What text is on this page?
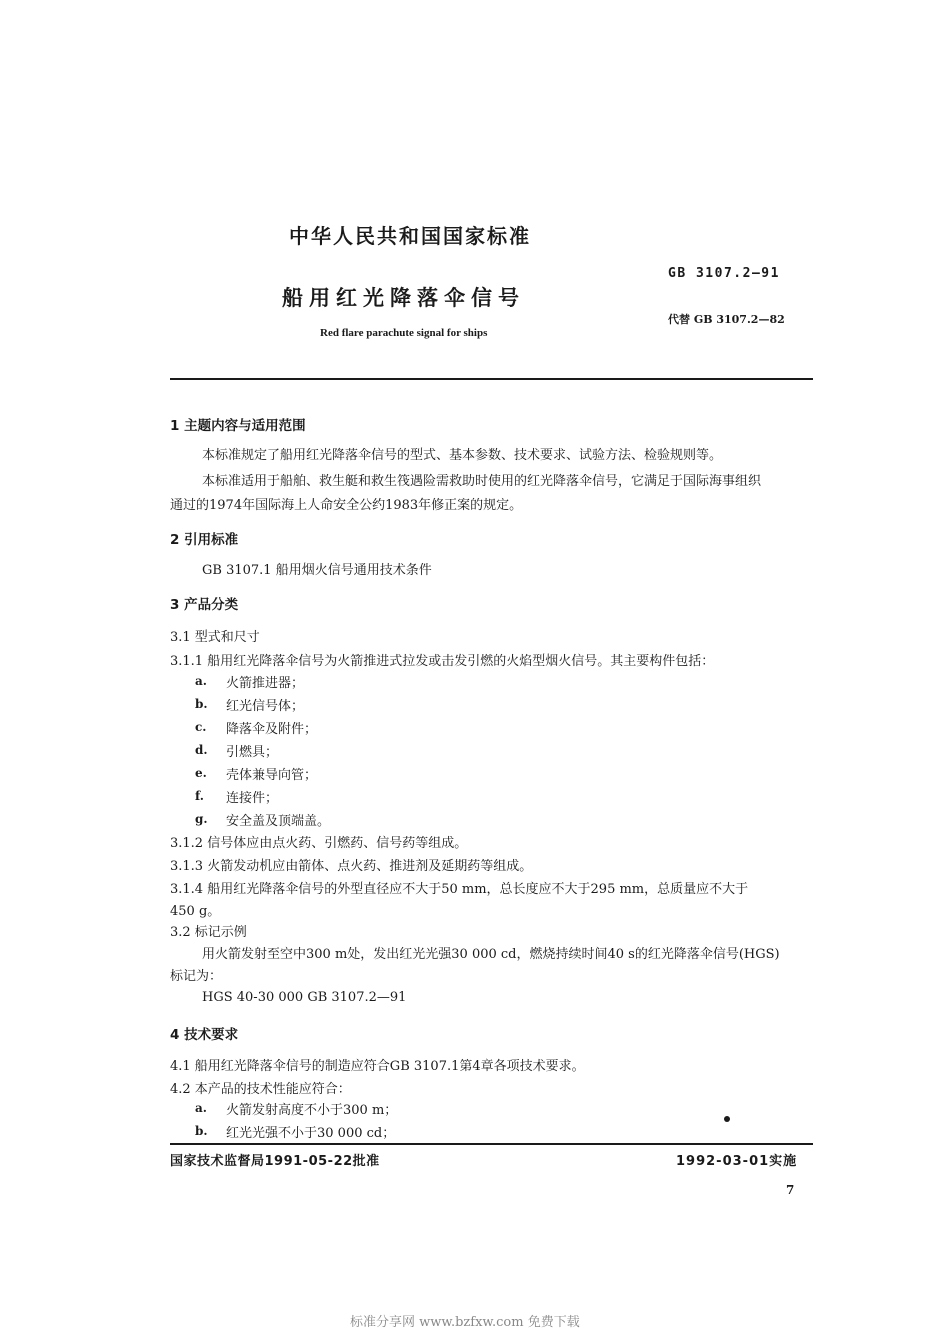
中华人民共和国国家标准
GB 3107.2—91
船用红光降落伞信号
代替 GB 3107.2—82
Red flare parachute signal for ships
1 主题内容与适用范围
本标准规定了船用红光降落伞信号的型式、基本参数、技术要求、试验方法、检验规则等。
本标准适用于船舶、救生艇和救生筏遇险需救助时使用的红光降落伞信号，它满足于国际海事组织
通过的1974年国际海上人命安全公约1983年修正案的规定。
2 引用标准
GB 3107.1 船用烟火信号通用技术条件
3 产品分类
3.1 型式和尺寸
3.1.1 船用红光降落伞信号为火箭推进式拉发或击发引燃的火焰型烟火信号。其主要构件包括：
a. 火箭推进器；
b. 红光信号体；
c. 降落伞及附件；
d. 引燃具；
e. 壳体兼导向管；
f. 连接件；
g. 安全盖及顶端盖。
3.1.2 信号体应由点火药、引燃药、信号药等组成。
3.1.3 火箭发动机应由箭体、点火药、推进剂及延期药等组成。
3.1.4 船用红光降落伞信号的外型直径应不大于50 mm，总长度应不大于295 mm，总质量应不大于
450 g。
3.2 标记示例
用火箭发射至空中300 m处，发出红光光强30 000 cd，燃烧持续时间40 s的红光降落伞信号(HGS)
标记为：
HGS 40-30 000 GB 3107.2—91
4 技术要求
4.1 船用红光降落伞信号的制造应符合GB 3107.1第4章各项技术要求。
4.2 本产品的技术性能应符合：
a. 火箭发射高度不小于300 m；
b. 红光光强不小于30 000 cd；
国家技术监督局1991-05-22批准	1992-03-01实施
7
标准分享网 www.bzfxw.com 免费下载
